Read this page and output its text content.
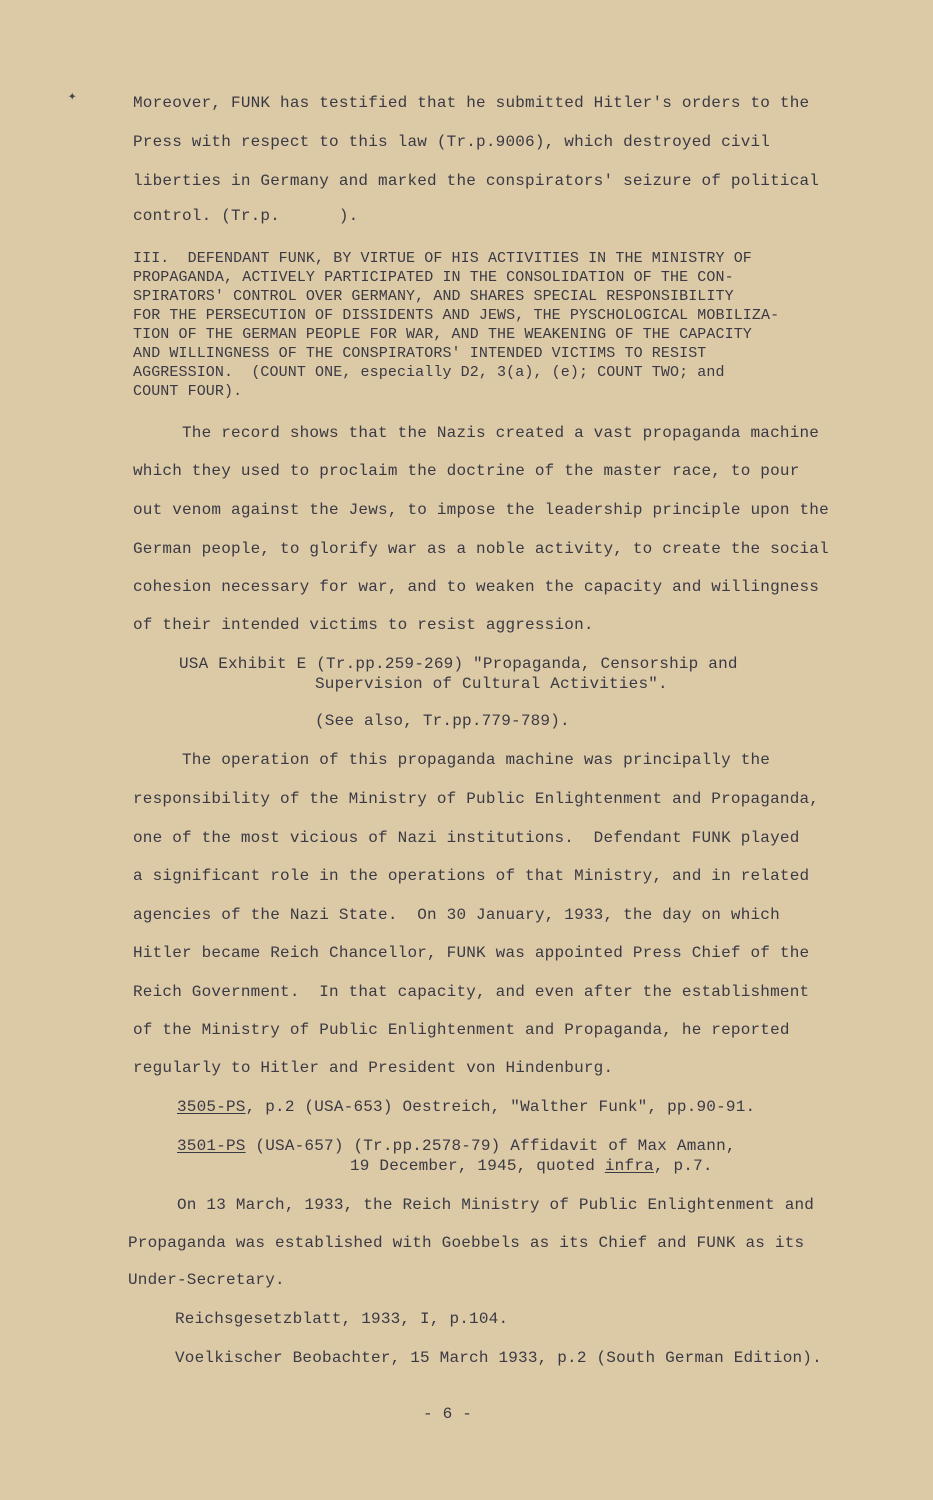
✦	Moreover, FUNK has testified that he submitted Hitler's orders to the
Press with respect to this law (Tr.p.9006), which destroyed civil
liberties in Germany and marked the conspirators' seizure of political
control. (Tr.p.      ).
III.  DEFENDANT FUNK, BY VIRTUE OF HIS ACTIVITIES IN THE MINISTRY OF
PROPAGANDA, ACTIVELY PARTICIPATED IN THE CONSOLIDATION OF THE CON-
SPIRATORS' CONTROL OVER GERMANY, AND SHARES SPECIAL RESPONSIBILITY
FOR THE PERSECUTION OF DISSIDENTS AND JEWS, THE PYSCHOLOGICAL MOBILIZA-
TION OF THE GERMAN PEOPLE FOR WAR, AND THE WEAKENING OF THE CAPACITY
AND WILLINGNESS OF THE CONSPIRATORS' INTENDED VICTIMS TO RESIST
AGGRESSION.  (COUNT ONE, especially D2, 3(a), (e); COUNT TWO; and
COUNT FOUR).
The record shows that the Nazis created a vast propaganda machine
which they used to proclaim the doctrine of the master race, to pour
out venom against the Jews, to impose the leadership principle upon the
German people, to glorify war as a noble activity, to create the social
cohesion necessary for war, and to weaken the capacity and willingness
of their intended victims to resist aggression.
USA Exhibit E (Tr.pp.259-269) "Propaganda, Censorship and
Supervision of Cultural Activities".
(See also, Tr.pp.779-789).
The operation of this propaganda machine was principally the
responsibility of the Ministry of Public Enlightenment and Propaganda,
one of the most vicious of Nazi institutions.  Defendant FUNK played
a significant role in the operations of that Ministry, and in related
agencies of the Nazi State.  On 30 January, 1933, the day on which
Hitler became Reich Chancellor, FUNK was appointed Press Chief of the
Reich Government.  In that capacity, and even after the establishment
of the Ministry of Public Enlightenment and Propaganda, he reported
regularly to Hitler and President von Hindenburg.
3505-PS, p.2 (USA-653) Oestreich, "Walther Funk", pp.90-91.
3501-PS (USA-657) (Tr.pp.2578-79) Affidavit of Max Amann,
19 December, 1945, quoted infra, p.7.
On 13 March, 1933, the Reich Ministry of Public Enlightenment and
Propaganda was established with Goebbels as its Chief and FUNK as its
Under-Secretary.
Reichsgesetzblatt, 1933, I, p.104.
Voelkischer Beobachter, 15 March 1933, p.2 (South German Edition).
- 6 -
